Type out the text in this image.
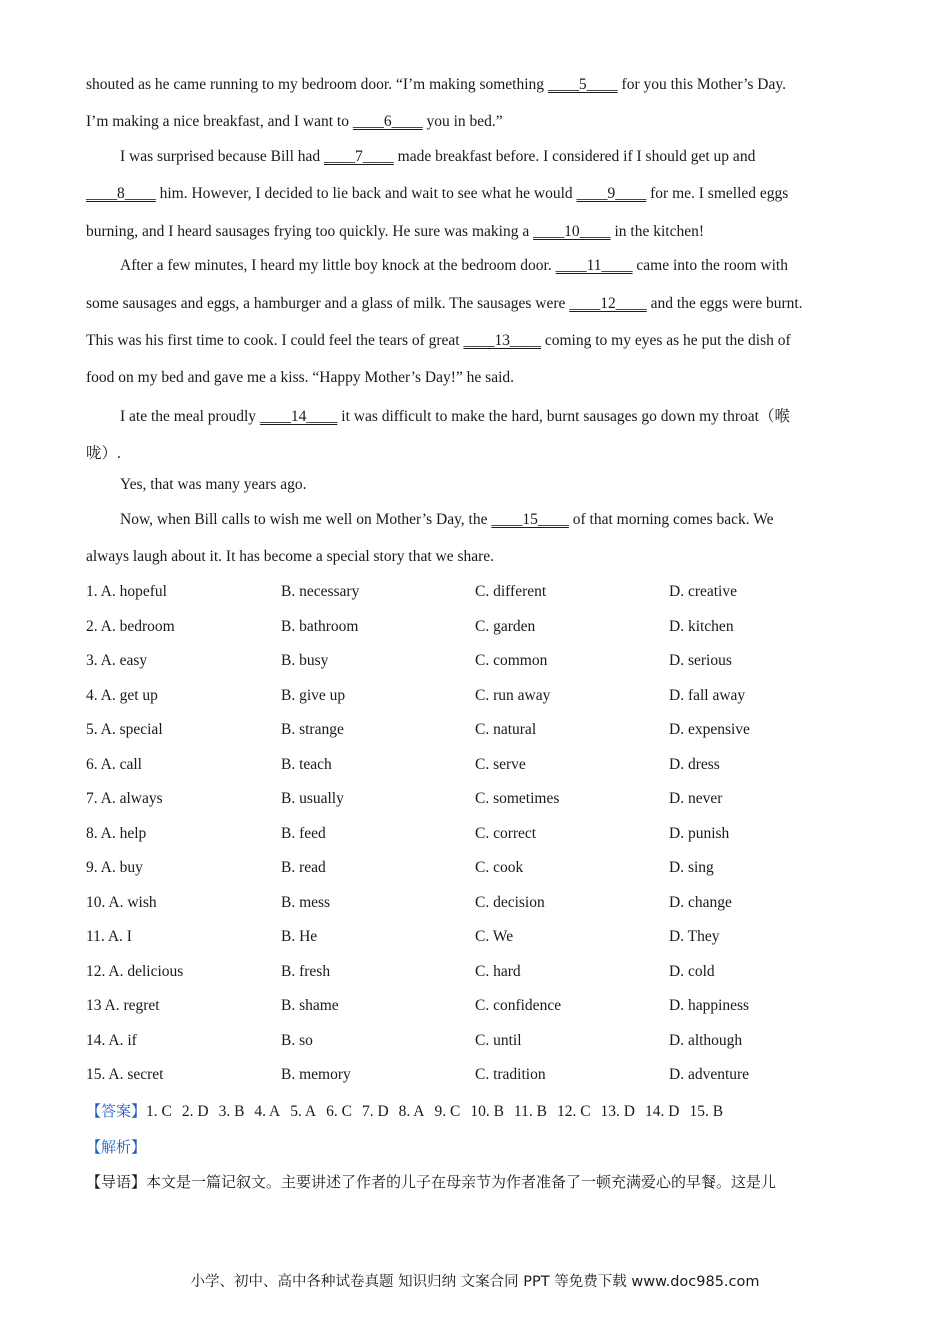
shouted as he came running to my bedroom door. “I’m making something ____5____ for you this Mother’s Day.
I’m making a nice breakfast, and I want to ____6____ you in bed.”
I was surprised because Bill had ____7____ made breakfast before. I considered if I should get up and
____8____ him. However, I decided to lie back and wait to see what he would ____9____ for me. I smelled eggs
burning, and I heard sausages frying too quickly. He sure was making a ____10____ in the kitchen!
After a few minutes, I heard my little boy knock at the bedroom door. ____11____ came into the room with
some sausages and eggs, a hamburger and a glass of milk. The sausages were ____12____ and the eggs were burnt.
This was his first time to cook. I could feel the tears of great ____13____ coming to my eyes as he put the dish of
food on my bed and gave me a kiss. “Happy Mother’s Day!” he said.
I ate the meal proudly ____14____ it was difficult to make the hard, burnt sausages go down my throat（喉
咙）.
Yes, that was many years ago.
Now, when Bill calls to wish me well on Mother’s Day, the ____15____ of that morning comes back. We
always laugh about it. It has become a special story that we share.
1. A. hopeful	B. necessary	C. different	D. creative
2. A. bedroom	B. bathroom	C. garden	D. kitchen
3. A. easy	B. busy	C. common	D. serious
4. A. get up	B. give up	C. run away	D. fall away
5. A. special	B. strange	C. natural	D. expensive
6. A. call	B. teach	C. serve	D. dress
7. A. always	B. usually	C. sometimes	D. never
8. A. help	B. feed	C. correct	D. punish
9. A. buy	B. read	C. cook	D. sing
10. A. wish	B. mess	C. decision	D. change
11. A. I	B. He	C. We	D. They
12. A. delicious	B. fresh	C. hard	D. cold
13 A. regret	B. shame	C. confidence	D. happiness
14. A. if	B. so	C. until	D. although
15. A. secret	B. memory	C. tradition	D. adventure
【答案】1. C 2. D 3. B 4. A 5. A 6. C 7. D 8. A 9. C 10. B 11. B 12. C 13. D 14. D 15. B
【解析】
【导语】本文是一篇记叙文。主要讲述了作者的儿子在母亲节为作者准备了一顿充满爱心的早餐。这是儿
小学、初中、高中各种试卷真题 知识归纳 文案合同 PPT 等免费下载 www.doc985.com
